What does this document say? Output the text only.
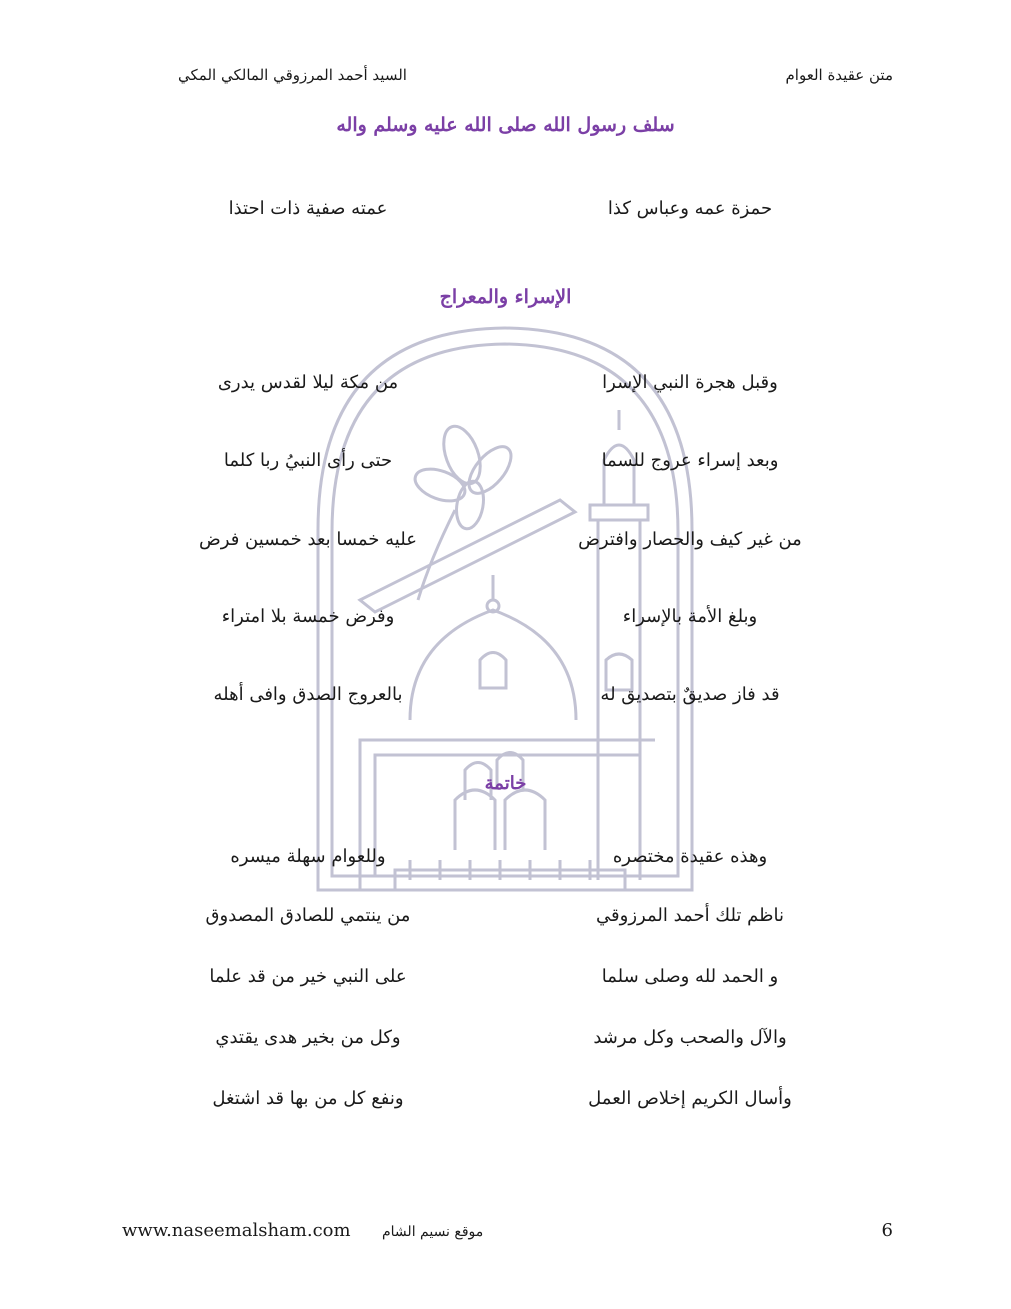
متن عقيدة العوام
السيد أحمد المرزوقي المالكي المكي
سلف رسول الله صلى الله عليه وسلم واله
الإسراء والمعراج
خاتمة
حمزة عمه وعباس كذا
عمته صفية ذات احتذا
وقبل هجرة النبي الإسرا
من مكة ليلا لقدس يدرى
وبعد إسراء عروج للسما
حتى رأى النبيُ ربا كلما
من غير كيف والحصار وافترض
عليه خمسا بعد خمسين فرض
وبلغ الأمة بالإسراء
وفرض خمسة بلا امتراء
قد فاز صديقٌ بتصديق له
بالعروج الصدق وافى أهله
وهذه عقيدة مختصره
وللعوام سهلة ميسره
ناظم تلك أحمد المرزوقي
من ينتمي للصادق المصدوق
و الحمد لله وصلى سلما
على النبي خير من قد علما
والآل والصحب وكل مرشد
وكل من بخير هدى يقتدي
وأسال الكريم إخلاص العمل
ونفع كل من بها قد اشتغل
www.naseemalsham.com موقع نسيم الشام	6
